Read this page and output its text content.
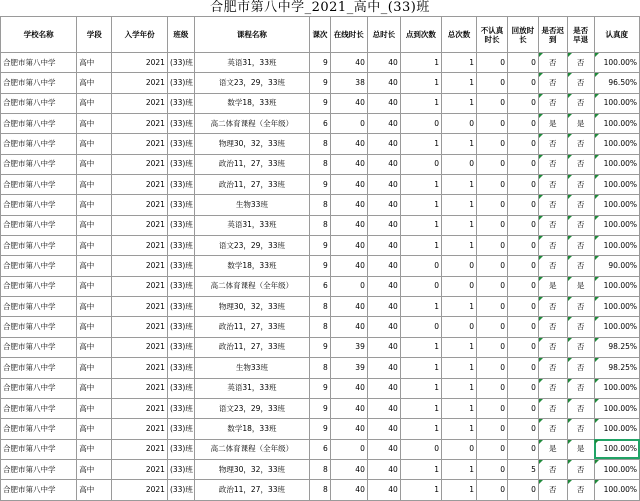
合肥市第八中学_2021_高中_(33)班
学校名称	学段	入学年份	班级	课程名称	课次	在线时长	总时长	点到次数	总次数	不认真时长	回放时长	是否迟到	是否早退	认真度
合肥市第八中学	高中	2021	(33)班	英语31，33班	9	40	40	1	1	0	0	否	否	100.00%
合肥市第八中学	高中	2021	(33)班	语文23，29，33班	9	38	40	1	1	0	0	否	否	96.50%
合肥市第八中学	高中	2021	(33)班	数学18，33班	9	40	40	1	1	0	0	否	否	100.00%
合肥市第八中学	高中	2021	(33)班	高二体育课程（全年级）	6	0	40	0	0	0	0	是	是	100.00%
合肥市第八中学	高中	2021	(33)班	物理30，32，33班	8	40	40	1	1	0	0	否	否	100.00%
合肥市第八中学	高中	2021	(33)班	政治11，27，33班	8	40	40	0	0	0	0	否	否	100.00%
合肥市第八中学	高中	2021	(33)班	政治11，27，33班	9	40	40	1	1	0	0	否	否	100.00%
合肥市第八中学	高中	2021	(33)班	生物33班	8	40	40	1	1	0	0	否	否	100.00%
合肥市第八中学	高中	2021	(33)班	英语31，33班	8	40	40	1	1	0	0	否	否	100.00%
合肥市第八中学	高中	2021	(33)班	语文23，29，33班	9	40	40	1	1	0	0	否	否	100.00%
合肥市第八中学	高中	2021	(33)班	数学18，33班	9	40	40	0	0	0	0	否	否	90.00%
合肥市第八中学	高中	2021	(33)班	高二体育课程（全年级）	6	0	40	0	0	0	0	是	是	100.00%
合肥市第八中学	高中	2021	(33)班	物理30，32，33班	8	40	40	1	1	0	0	否	否	100.00%
合肥市第八中学	高中	2021	(33)班	政治11，27，33班	8	40	40	0	0	0	0	否	否	100.00%
合肥市第八中学	高中	2021	(33)班	政治11，27，33班	9	39	40	1	1	0	0	否	否	98.25%
合肥市第八中学	高中	2021	(33)班	生物33班	8	39	40	1	1	0	0	否	否	98.25%
合肥市第八中学	高中	2021	(33)班	英语31，33班	9	40	40	1	1	0	0	否	否	100.00%
合肥市第八中学	高中	2021	(33)班	语文23，29，33班	9	40	40	1	1	0	0	否	否	100.00%
合肥市第八中学	高中	2021	(33)班	数学18，33班	9	40	40	1	1	0	0	否	否	100.00%
合肥市第八中学	高中	2021	(33)班	高二体育课程（全年级）	6	0	40	0	0	0	0	是	是	100.00%
合肥市第八中学	高中	2021	(33)班	物理30，32，33班	8	40	40	1	1	0	5	否	否	100.00%
合肥市第八中学	高中	2021	(33)班	政治11，27，33班	8	40	40	1	1	0	0	否	否	100.00%
